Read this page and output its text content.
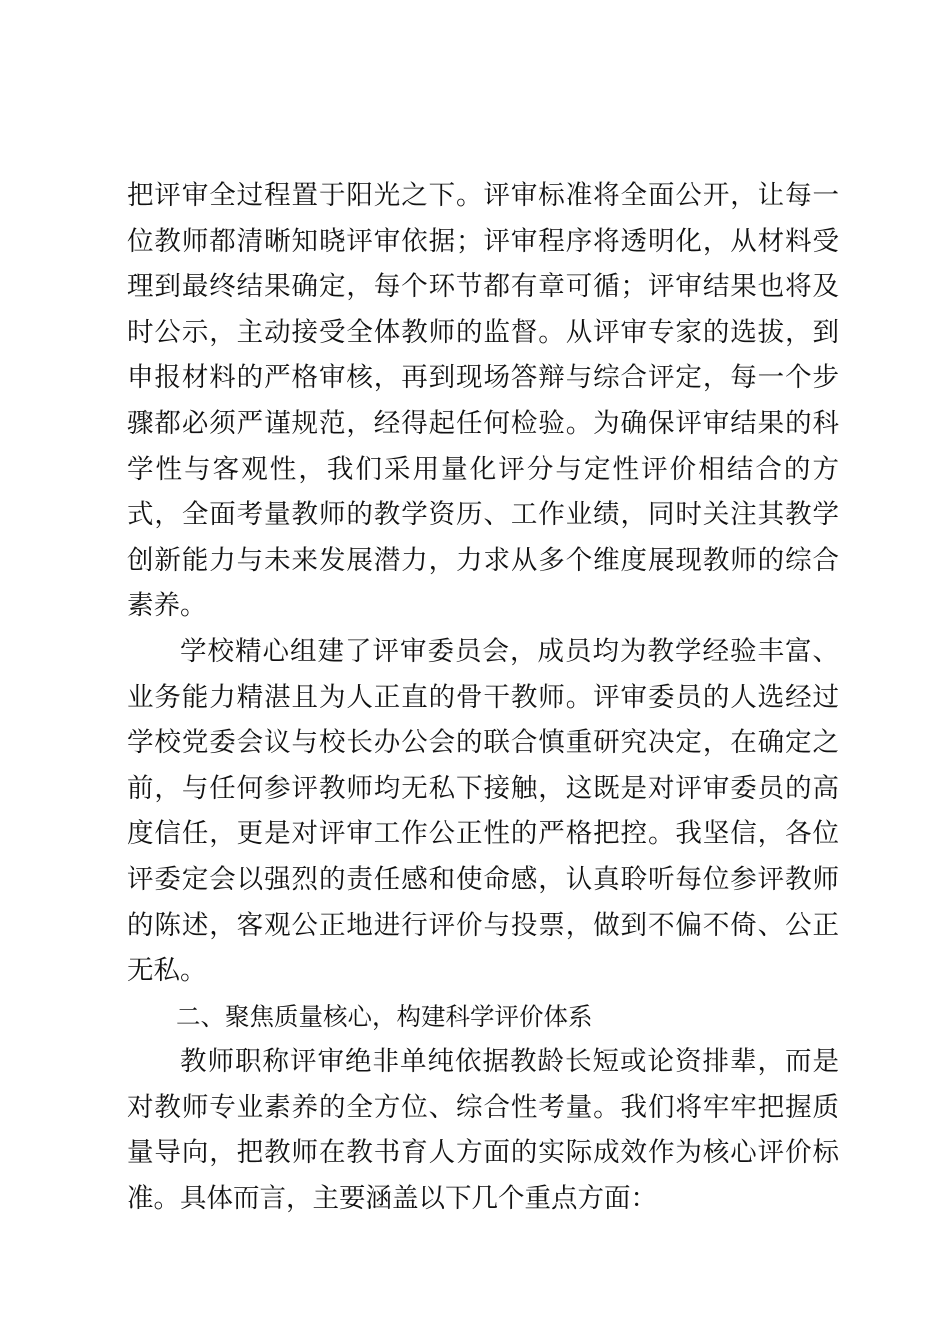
把评审全过程置于阳光之下。评审标准将全面公开，让每一位教师都清晰知晓评审依据；评审程序将透明化，从材料受理到最终结果确定，每个环节都有章可循；评审结果也将及时公示，主动接受全体教师的监督。从评审专家的选拔，到申报材料的严格审核，再到现场答辩与综合评定，每一个步骤都必须严谨规范，经得起任何检验。为确保评审结果的科学性与客观性，我们采用量化评分与定性评价相结合的方式，全面考量教师的教学资历、工作业绩，同时关注其教学创新能力与未来发展潜力，力求从多个维度展现教师的综合素养。

学校精心组建了评审委员会，成员均为教学经验丰富、业务能力精湛且为人正直的骨干教师。评审委员的人选经过学校党委会议与校长办公会的联合慎重研究决定，在确定之前，与任何参评教师均无私下接触，这既是对评审委员的高度信任，更是对评审工作公正性的严格把控。我坚信，各位评委定会以强烈的责任感和使命感，认真聆听每位参评教师的陈述，客观公正地进行评价与投票，做到不偏不倚、公正无私。

二、聚焦质量核心，构建科学评价体系

教师职称评审绝非单纯依据教龄长短或论资排辈，而是对教师专业素养的全方位、综合性考量。我们将牢牢把握质量导向，把教师在教书育人方面的实际成效作为核心评价标准。具体而言，主要涵盖以下几个重点方面：
